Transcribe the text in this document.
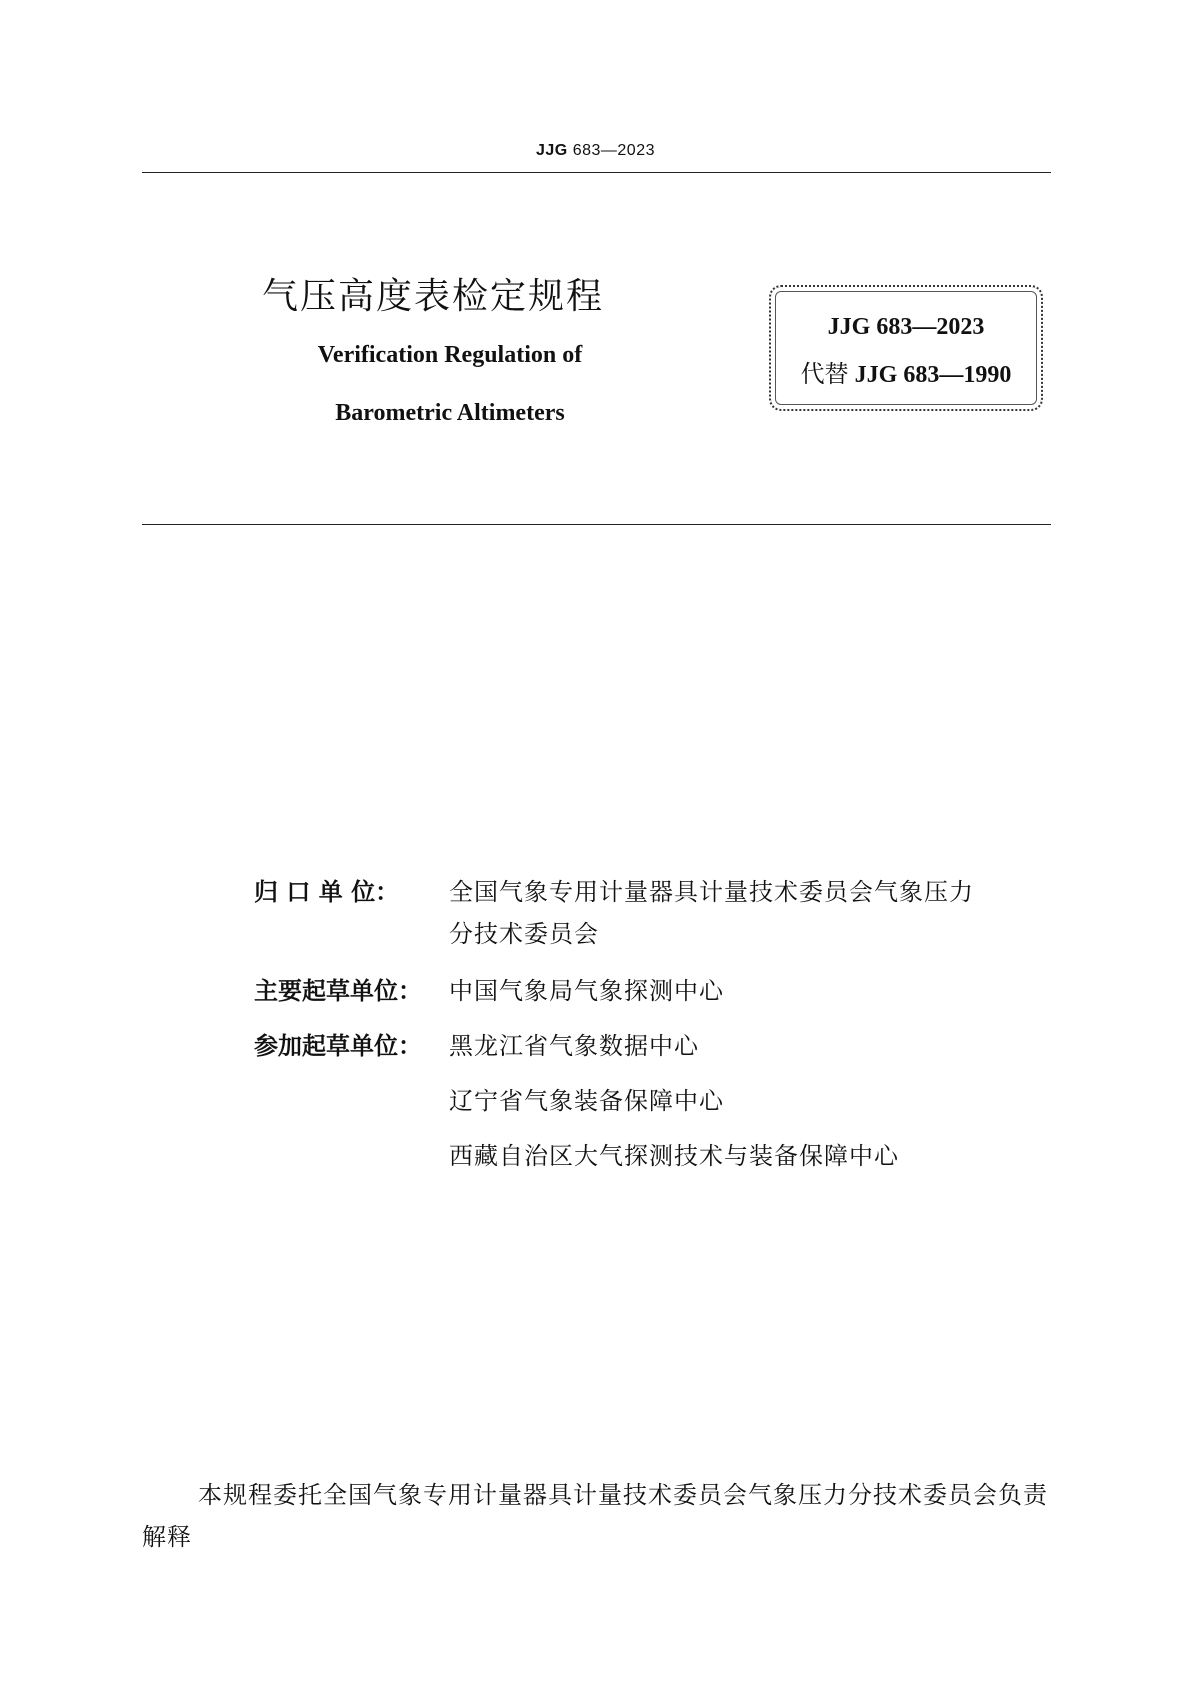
JJG 683—2023
气压高度表检定规程
Verification Regulation of
Barometric Altimeters
JJG 683—2023
代替 JJG 683—1990
归 口 单 位： 全国气象专用计量器具计量技术委员会气象压力
分技术委员会
主要起草单位： 中国气象局气象探测中心
参加起草单位： 黑龙江省气象数据中心
辽宁省气象装备保障中心
西藏自治区大气探测技术与装备保障中心
本规程委托全国气象专用计量器具计量技术委员会气象压力分技术委员会负责解释
